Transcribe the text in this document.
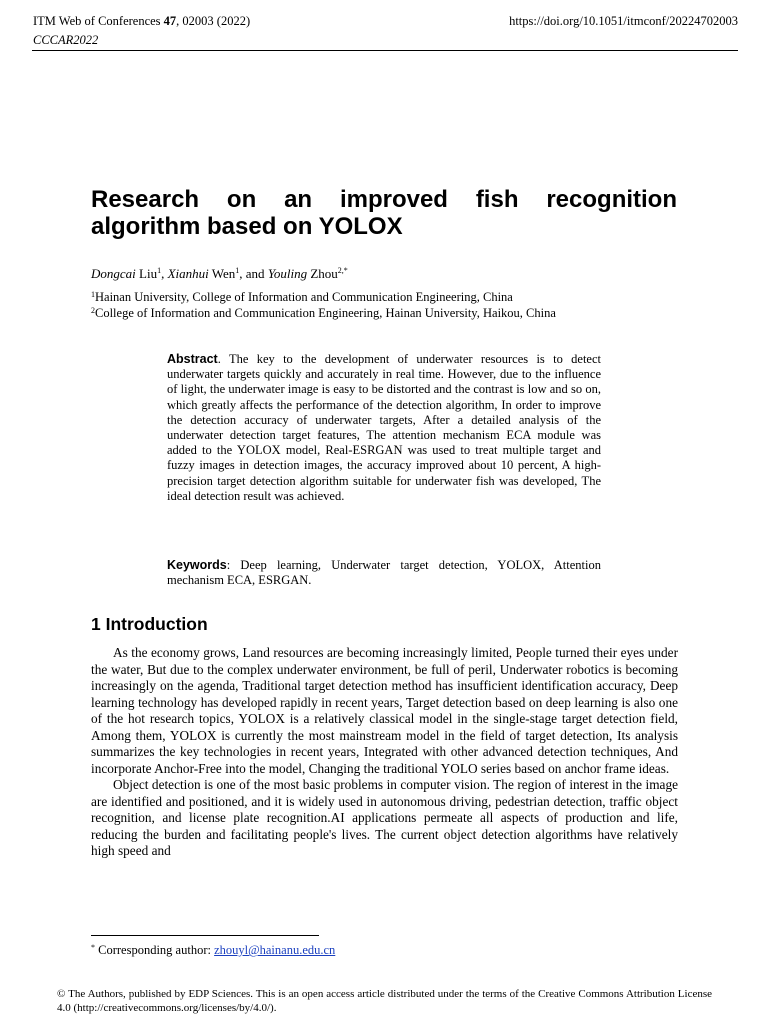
ITM Web of Conferences 47, 02003 (2022)
CCCAR2022
https://doi.org/10.1051/itmconf/20224702003
Research on an improved fish recognition algorithm based on YOLOX
Dongcai Liu$^1$, Xianhui Wen$^1$, and Youling Zhou$^{2,*}$
$^1$Hainan University, College of Information and Communication Engineering, China
$^2$College of Information and Communication Engineering, Hainan University, Haikou, China
Abstract. The key to the development of underwater resources is to detect underwater targets quickly and accurately in real time. However, due to the influence of light, the underwater image is easy to be distorted and the contrast is low and so on, which greatly affects the performance of the detection algorithm, In order to improve the detection accuracy of underwater targets, After a detailed analysis of the underwater detection target features, The attention mechanism ECA module was added to the YOLOX model, Real-ESRGAN was used to treat multiple target and fuzzy images in detection images, the accuracy improved about 10 percent, A high-precision target detection algorithm suitable for underwater fish was developed, The ideal detection result was achieved.
Keywords: Deep learning, Underwater target detection, YOLOX, Attention mechanism ECA, ESRGAN.
1 Introduction

As the economy grows, Land resources are becoming increasingly limited, People turned their eyes under the water, But due to the complex underwater environment, be full of peril, Underwater robotics is becoming increasingly on the agenda, Traditional target detection method has insufficient identification accuracy, Deep learning technology has developed rapidly in recent years, Target detection based on deep learning is also one of the hot research topics, YOLOX is a relatively classical model in the single-stage target detection field, Among them, YOLOX is currently the most mainstream model in the field of target detection, Its analysis summarizes the key technologies in recent years, Integrated with other advanced detection techniques, And incorporate Anchor-Free into the model, Changing the traditional YOLO series based on anchor frame ideas.

Object detection is one of the most basic problems in computer vision. The region of interest in the image are identified and positioned, and it is widely used in autonomous driving, pedestrian detection, traffic object recognition, and license plate recognition.AI applications permeate all aspects of production and life, reducing the burden and facilitating people's lives. The current object detection algorithms have relatively high speed and

* Corresponding author: zhouyl@hainanu.edu.cn
© The Authors, published by EDP Sciences. This is an open access article distributed under the terms of the Creative Commons Attribution License 4.0 (http://creativecommons.org/licenses/by/4.0/).
